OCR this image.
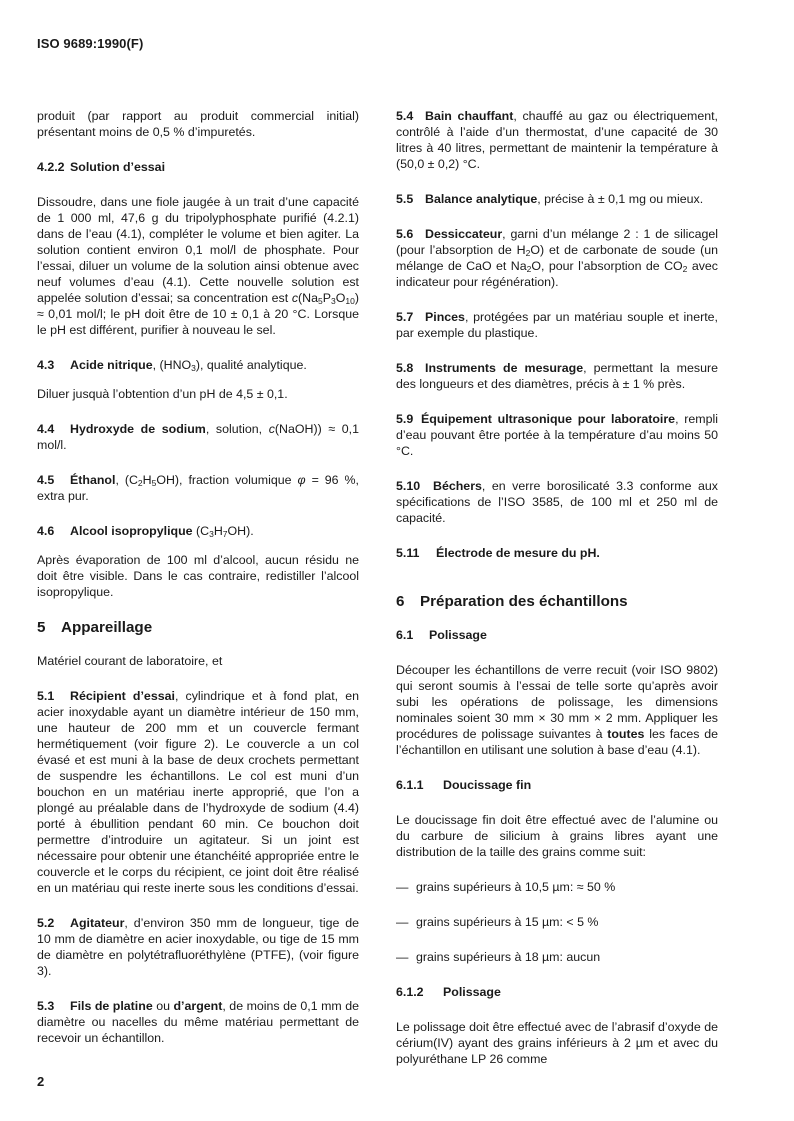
ISO 9689:1990(F)

produit (par rapport au produit commercial initial) présentant moins de 0,5 % d’impuretés.

4.2.2 Solution d’essai

Dissoudre, dans une fiole jaugée à un trait d’une capacité de 1 000 ml, 47,6 g du tripolyphosphate purifié (4.2.1) dans de l’eau (4.1), compléter le volume et bien agiter. La solution contient environ 0,1 mol/l de phosphate. Pour l’essai, diluer un volume de la solution ainsi obtenue avec neuf volumes d’eau (4.1). Cette nouvelle solution est appelée solution d’essai; sa concentration est $c(Na_5P_3O_{10}) \approx 0,01$ mol/l; le pH doit être de 10 ± 0,1 à 20 °C. Lorsque le pH est différent, purifier à nouveau le sel.

4.3 Acide nitrique, $(HNO_3)$, qualité analytique.

Diluer jusquà l’obtention d’un pH de 4,5 ± 0,1.

4.4 Hydroxyde de sodium, solution, c(NaOH)) ≈ 0,1 mol/l.

4.5 Éthanol, $(C_2H_5OH)$, fraction volumique φ = 96 %, extra pur.

4.6 Alcool isopropylique $(C_3H_7OH)$.

Après évaporation de 100 ml d’alcool, aucun résidu ne doit être visible. Dans le cas contraire, redistiller l’alcool isopropylique.

5 Appareillage

Matériel courant de laboratoire, et

5.1 Récipient d’essai, cylindrique et à fond plat, en acier inoxydable ayant un diamètre intérieur de 150 mm, une hauteur de 200 mm et un couvercle fermant hermétiquement (voir figure 2). Le couvercle a un col évasé et est muni à la base de deux crochets permettant de suspendre les échantillons. Le col est muni d’un bouchon en un matériau inerte approprié, que l’on a plongé au préalable dans de l’hydroxyde de sodium (4.4) porté à ébullition pendant 60 min. Ce bouchon doit permettre d’introduire un agitateur. Si un joint est nécessaire pour obtenir une étanchéité appropriée entre le couvercle et le corps du récipient, ce joint doit être réalisé en un matériau qui reste inerte sous les conditions d’essai.

5.2 Agitateur, d’environ 350 mm de longueur, tige de 10 mm de diamètre en acier inoxydable, ou tige de 15 mm de diamètre en polytétrafluoréthylène (PTFE), (voir figure 3).

5.3 Fils de platine ou d’argent, de moins de 0,1 mm de diamètre ou nacelles du même matériau permettant de recevoir un échantillon.

5.4 Bain chauffant, chauffé au gaz ou électriquement, contrôlé à l’aide d’un thermostat, d’une capacité de 30 litres à 40 litres, permettant de maintenir la température à (50,0 ± 0,2) °C.

5.5 Balance analytique, précise à ± 0,1 mg ou mieux.

5.6 Dessiccateur, garni d’un mélange 2 : 1 de silicagel (pour l’absorption de $H_2O$) et de carbonate de soude (un mélange de CaO et $Na_2O$, pour l’absorption de $CO_2$ avec indicateur pour régénération).

5.7 Pinces, protégées par un matériau souple et inerte, par exemple du plastique.

5.8 Instruments de mesurage, permettant la mesure des longueurs et des diamètres, précis à ± 1 % près.

5.9 Équipement ultrasonique pour laboratoire, rempli d’eau pouvant être portée à la température d’au moins 50 °C.

5.10 Béchers, en verre borosilicaté 3.3 conforme aux spécifications de l’ISO 3585, de 100 ml et 250 ml de capacité.

5.11 Électrode de mesure du pH.

6 Préparation des échantillons

6.1 Polissage

Découper les échantillons de verre recuit (voir ISO 9802) qui seront soumis à l’essai de telle sorte qu’après avoir subi les opérations de polissage, les dimensions nominales soient 30 mm × 30 mm × 2 mm. Appliquer les procédures de polissage suivantes à toutes les faces de l’échantillon en utilisant une solution à base d’eau (4.1).

6.1.1 Doucissage fin

Le doucissage fin doit être effectué avec de l’alumine ou du carbure de silicium à grains libres ayant une distribution de la taille des grains comme suit:

— grains supérieurs à 10,5 µm: ≈ 50 %
— grains supérieurs à 15 µm: < 5 %
— grains supérieurs à 18 µm: aucun

6.1.2 Polissage

Le polissage doit être effectué avec de l’abrasif d’oxyde de cérium(IV) ayant des grains inférieurs à 2 µm et avec du polyuréthane LP 26 comme

2
